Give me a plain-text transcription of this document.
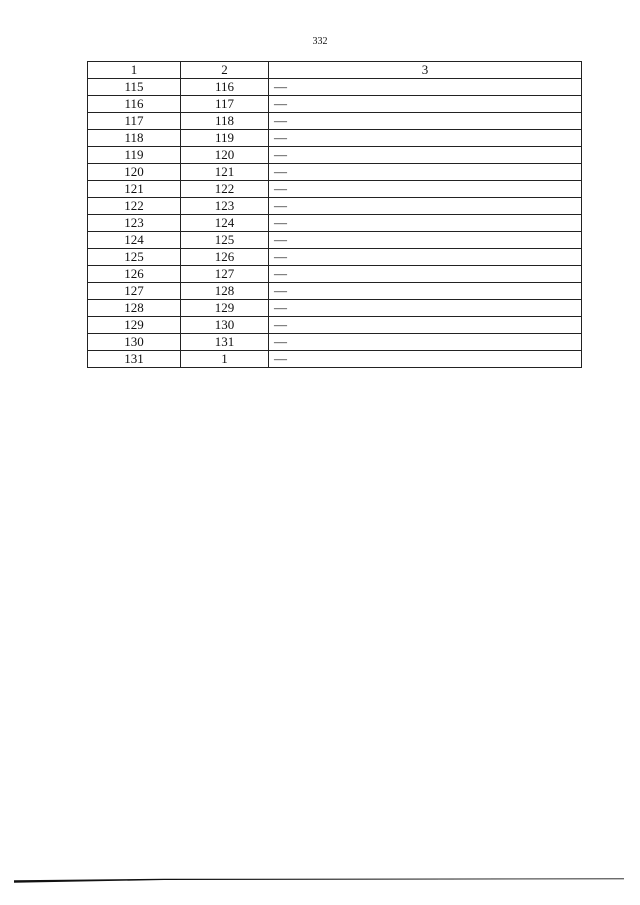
332
1	2	3
115	116	—
116	117	—
117	118	—
118	119	—
119	120	—
120	121	—
121	122	—
122	123	—
123	124	—
124	125	—
125	126	—
126	127	—
127	128	—
128	129	—
129	130	—
130	131	—
131	1	—
